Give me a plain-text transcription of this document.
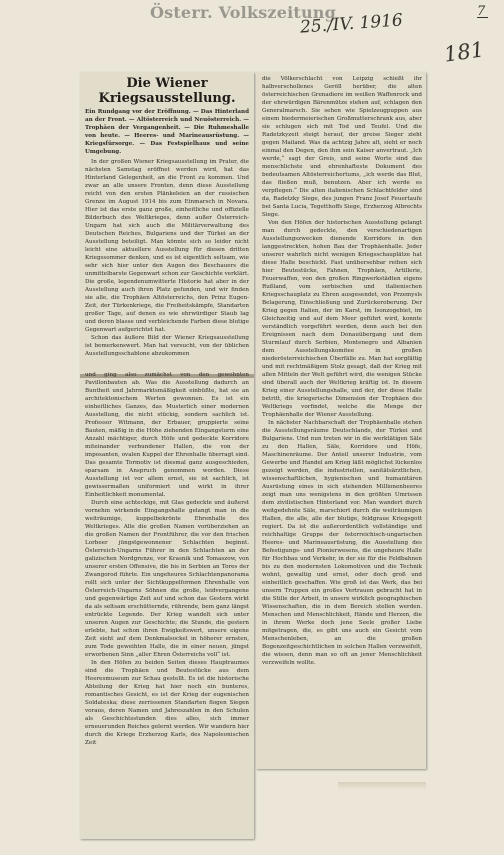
Österr. Volkszeitung
25./IV. 1916	7
181
Die Wiener Kriegsausstellung.

Ein Rundgang vor der Eröffnung. — Das Hinterland an der Front. — Altösterreich und Neuösterreich. — Trophäen der Vergangenheit. — Die Ruhmeshalle von heute. — Heeres- und Marineausrüstung. — Kriegsfürsorge. — Das Festspielhaus und seine Umgebung.

In der großen Wiener Kriegsausstellung im Prater, die nächsten Samstag eröffnet werden wird, hat das Hinterland Gelegenheit, an die Front zu kommen. Und zwar an alle unsere Fronten, denn diese Ausstellung reicht von den ersten Plänkeleien an der russischen Grenze im August 1914 bis zum Einmarsch in Novara. Hier ist das erste ganz große, einheitliche und offizielle Bilderbuch des Weltkrieges, denn außer Österreich-Ungarn hat sich auch die Militärverwaltung des Deutschen Reiches, Bulgariens und der Türkei an der Ausstellung beteiligt. Man könnte sich so leider nicht leicht eine aktuellere Ausstellung für diesen dritten Kriegssommer denken, und es ist eigentlich seltsam, wie sehr sich hier unter den Augen des Beschauers die unmittelbarste Gegenwart schon zur Geschichte verklärt. Die große, legendenumwitterte Historie hat aber in der Ausstellung auch ihren Platz gefunden, und wir finden sie alle, die Trophäen Altösterreichs, den Prinz Eugen-Zeit, der Türkenkriege, die Freiheitskämpfe, Standarten großer Tage, auf denen es wie ehrwürdiger Staub lag und deren blasse und verbleichende Farben diese blutige Gegenwart aufgerichtet hat.

Schon das äußere Bild der Wiener Kriegsausstellung ist bemerkenswert. Man hat versucht, von der üblichen Ausstellungsschablone abzukommen

und ging also zumächst von den gewohnten Pavillonbauten ab. Was die Ausstellung dadurch an Buntheit und Jahrmarktsmäßigkeit einbüßte, hat sie an architektonischem Werten gewonnen. Es ist ein einheitliches Ganzes, das Musterlich einer modernen Ausstellung, die nicht stückig, sondern sachlich ist. Professor Witmann, der Erbauer, gruppierte seine Bauten, mäßig in die Höhe ziehenden Eingangsturm eine Anzahl mächtiger, durch Höfe und gedeckte Korridore miteinander verbundener Hallen, die von der imposanten, ovalen Kuppel der Ehrenhalle überragt sind. Das gesamte Tormotiv ist diesmal ganz ausgeschieden, sparsam in Anspruch genommen worden. Diese Ausstellung ist vor allem ernst, sie ist sachlich, ist gewissermaßen uniformiert und wirkt in ihrer Einheitlichkeit monumental.

Durch eine achteckige, mit Glas gedeckte und äußerst vornehm wirkende Eingangshalle gelangt man in die weiträumige, kuppelbekrönte Ehrenhalle des Weltkrieges. Alle die großen Namen vorüberziehen an die großen Namen der Frontführer, die vor den frischen Lorbeer jüngstgewonnener Schlachten beginnt. Österreich-Ungarns Führer in den Schlachten an der galizischen Nordgrenze, vor Krasnik und Tomaszow, von unserer ersten Offensive, die bis in Serbien an Tores der Zwangorod führte. Ein ungeheures Schlachtenpanorama rollt sich unter der Sichtkuppelformen Ehrenhalle von Österreich-Ungarns Söhnen die große, leidvergangene und gegenwärtige Zeit auf und schon das Gestern wirkt da als seltsam erschütternde, rührende, bem ganz längst entrückte Legende. Der Krieg wandelt sich unter unseren Augen zur Geschichte; die Stunde, die gestern erlebte, hat schon ihren Ewigkeitswert, unsere eigene Zeit sieht auf dem Denkmalsockel in höherer ernsten, zum Tode geweihten Halle, die in einer neuen, jüngst erworbenen Sinn „aller Ehren Österreichs voll“ ist.

In den Höfen zu beiden Seiten dieses Hauptraumes sind die Trophäen und Beutestücke aus dem Heeresmuseum zur Schau gestellt. Es ist die historische Abteilung der Krieg hat hier noch ein bunteres, romantisches Gesicht, es ist der Krieg der eugenischen Soldateska; diese zerrissenen Standarten flogen Siegen voraus, deren Namen und Jahreszahlen in den Schulen als Geschichtsstunden dies alles, sich immer erneuerunden Reiches gelernt werden. Wir wandern hier durch die Kriege Erzherzog Karls, des Napoleonischen Zeit

die Völkerschlacht von Leipzig schießt ihr halbverschollenes Geröll herüber, die alten österreichischen Grenadiere im weißen Waffenrock und der ehrwürdigen Bärenmütze stehen auf, schlagen den Generalmarsch. Sie sehen wie Spielzeugpuppen aus einem biedermeierischen Großmutterschrank aus, aber sie schlugen sich mit Tod und Teufel. Und die Radetzkyzeit steigt herauf, der greise Sieger zieht gegen Mailand. Was da achtzig Jahre alt, sieht er noch einmal den Degen, den ihm sein Kaiser anvertraut. „Ich werde,“ sagt der Greis, und seine Worte sind das menschlichste und ehrenhafteste Dokument des bedeutsamen Altösterreichertums, „ich werde das Blut, das fließen muß, benutzen. Aber ich werde es verpflegen.“ Die alten italienischen Schlachtfelder sind da, Radetzky Siege, des jungen Franz Josef Feuertaufe bei Santa Lucia, Tegetthoffs Siege, Erzherzog Albrechts Siege.

Von den Höfen der historischen Ausstellung gelangt man durch gedeckte, den verschiedenartigen Ausstellungszwecken dienende Korridore in den langgestreckten, hohen Bau der Trophäenhalle. Jeder unserer wahrlich nicht wenigen Kriegsschauplätze hat diese Halle beschickt. Fast unübersehbar reihen sich hier Beutestücke, Fahnen, Trophäen, Artillerie, Feuerwaffen, von den großen Ringwerkstädten eigens Rußland, vom serbischen und italienischen Kriegsschauplatz zu Ehren ausgesendet, von Przemysls Belagerung, Einschließung und Zurückeroberung. Der Krieg gegen Italien, der im Karst, im Isonzogebiet, im Gleichzeitig und auf dem Meer geführt wird, konnte verständlich vorgeführt werden, denn auch bei den Ereignissen nach dem Donauübergang und dem Sturmlauf durch Serbien, Montenegro und Albanien dem Ausstellungskomitee in großen niederösterreichischen Überfälle zu. Man hat sorgfältig und mit rechtmäßigem Stolz gesagt, daß der Krieg mit allen Mitteln der Welt geführt wird, die wenigen Stücke sind überall auch der Weltkrieg kräftig ist. In diesem Krieg einer Ausstellungshalle, und der, der diese Halle betritt, die kriegerische Dimension der Trophäen des Weltkriegs vorfindet, welche die Menge der Trophäenhalle der Wiener Ausstellung.

In nächster Nachbarschaft der Trophäenhalle stehen die Ausstellungsräume Deutschlands, der Türkei und Bulgariens. Und nun treten wir in die werktätigen Säle zu den Hallen, Säle, Korridore und Höfe, Maschinenräume. Der Anteil unserer Industrie, vom Gewerbe und Handel am Krieg läßt möglichst lückenlos gezeigt werden, die industriellen, sanitätsärztlichen, wissenschaftlichen, hygienischen und humanitären Ausrüstung eines in sich stehenden Millionenheeres zeigt man uns wenigstens in den größten Umrissen dem zivilistischen Hinterland vor. Man wandert durch weitgedehnte Säle, marschiert durch die weiträumigen Hallen, die alle, alle der blutige, feldgraue Kriegsgott regiert. Da ist die außerordentlich vollständige und reichhaltige Gruppe der österreichisch-ungarischen Heeres- und Marineausrüstung, die Ausstellung des Befestigungs- und Pionierwesens, die ungeheure Halle für Hochbau und Verkehr, in der sie für die Feldbahnen bis zu den modernsten Lokomotiven und die Technik wohnt, gewaltig und ernst, oder doch groß und einheitlich geschaffen. Wie groß ist das Werk, das bei unsern Truppen ein großes Vertrauen gebracht hat in die Stille der Arbeit, in unsere wirklich geographischen Wissenschaften, die in dem Bereich stellen werden. Menschen und Menschlichkeit, Hände und Herzen, die in ihrem Werke doch jene Seele großer Liebe mitgetragen, die, es gibt uns auch ein Gesicht vom Menschenleben, an die großen Bogenzeitgeschichtlichen in solchen Hallen verzweifelt, die wissen, denn man so oft an jener Menschlichkeit verzweifeln wollte.
